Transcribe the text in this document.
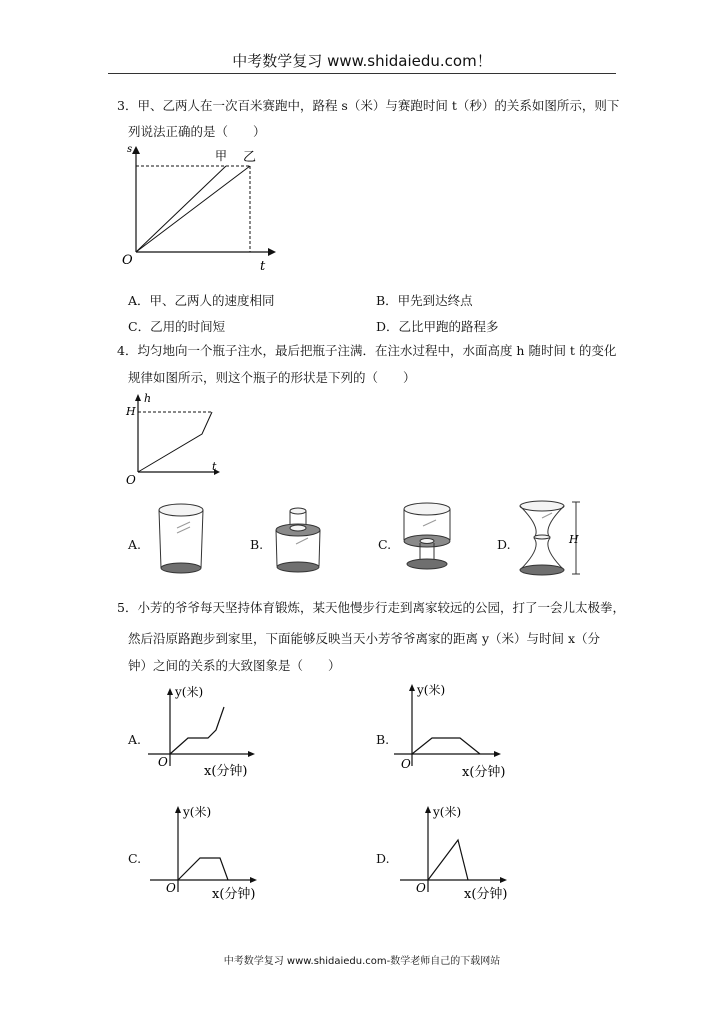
中考数学复习 www.shidaiedu.com！
3．甲、乙两人在一次百米赛跑中，路程 s（米）与赛跑时间 t（秒）的关系如图所示，则下
列说法正确的是（　　）
s
t
O
甲 乙
A．甲、乙两人的速度相同	B．甲先到达终点
C．乙用的时间短	D．乙比甲跑的路程多
4．均匀地向一个瓶子注水，最后把瓶子注满．在注水过程中，水面高度 h 随时间 t 的变化
规律如图所示，则这个瓶子的形状是下列的（　　）
h
H
t
O
A.	B.	C.	D.	H
5．小芳的爷爷每天坚持体育锻炼，某天他慢步行走到离家较远的公园，打了一会儿太极拳，
然后沿原路跑步到家里，下面能够反映当天小芳爷爷离家的距离 y（米）与时间 x（分
钟）之间的关系的大致图象是（　　）
A.
y(米)
O
x(分钟)
B.
y(米)
O
x(分钟)
C.
y(米)
O	x(分钟)
D.
y(米)
O	x(分钟)
中考数学复习 www.shidaiedu.com-数学老师自己的下载网站
